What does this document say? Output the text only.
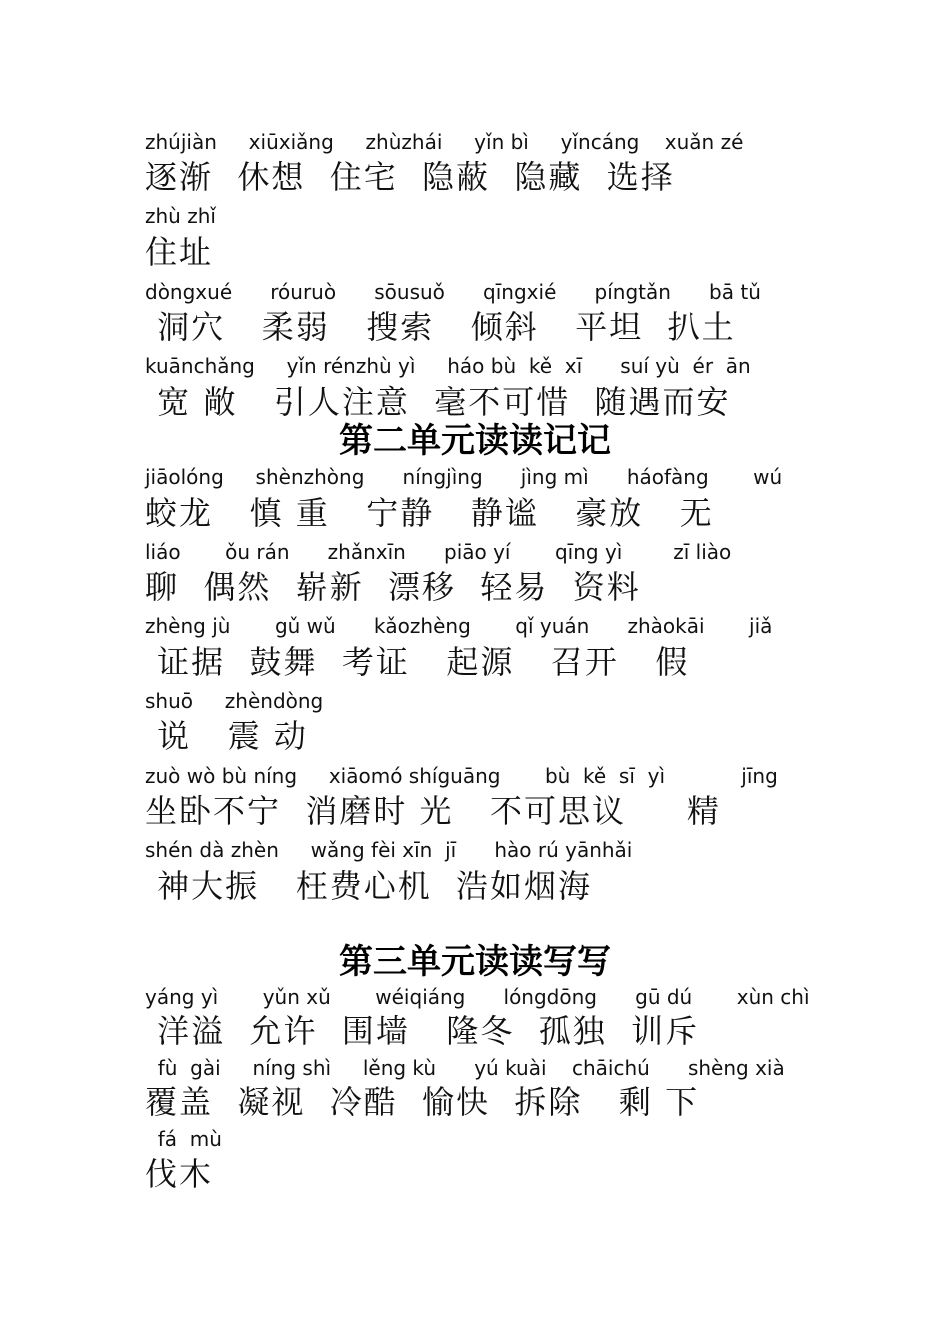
zhújiàn     xiūxiǎng     zhùzhái     yǐn bì     yǐncáng    xuǎn zé
逐渐  休想  住宅  隐蔽  隐藏  选择
zhù zhǐ
住址
dòngxué      róuruò      sōusuǒ      qīngxié      píngtǎn      bā tǔ
洞穴   柔弱   搜索   倾斜   平坦  扒土
kuānchǎng     yǐn rénzhù yì     háo bù  kě  xī      suí yù  ér  ān
宽 敞   引人注意  毫不可惜  随遇而安
第二单元读读记记
jiāolóng     shènzhòng      níngjìng      jìng mì      háofàng       wú
蛟龙   慎 重   宁静   静谧   豪放   无
liáo       ǒu rán      zhǎnxīn      piāo yí       qīng yì        zī liào
聊  偶然  崭新  漂移  轻易  资料
zhèng jù       gǔ wǔ      kǎozhèng       qǐ yuán      zhàokāi       jiǎ
证据  鼓舞  考证   起源   召开   假
shuō     zhèndòng
说   震 动
zuò wò bù níng     xiāomó shíguāng       bù  kě  sī  yì            jīng
坐卧不宁  消磨时 光   不可思议     精
shén dà zhèn     wǎng fèi xīn  jī      hào rú yānhǎi
神大振   枉费心机  浩如烟海
第三单元读读写写
yáng yì       yǔn xǔ       wéiqiáng      lóngdōng      gū dú       xùn chì
洋溢  允许  围墙   隆冬  孤独  训斥
fù  gài     níng shì     lěng kù      yú kuài    chāichú      shèng xià
覆盖  凝视  冷酷  愉快  拆除   剩 下
fá  mù
伐木
